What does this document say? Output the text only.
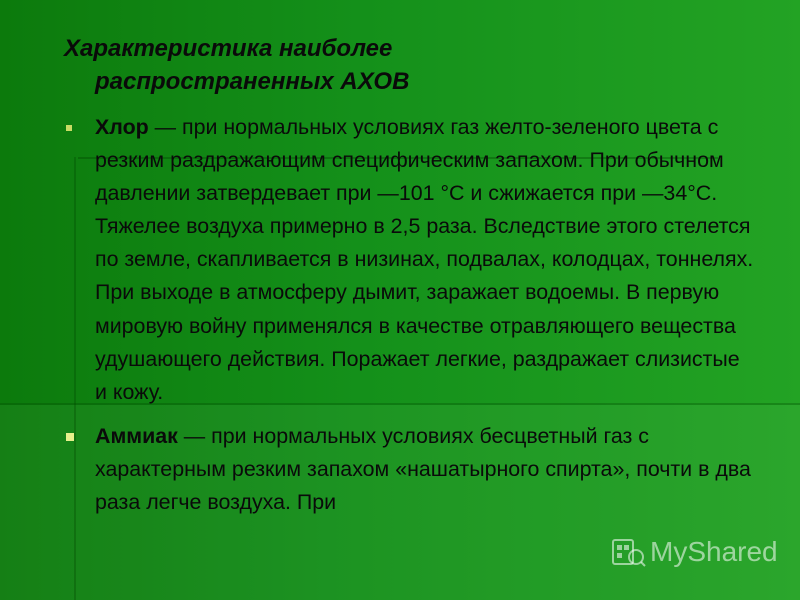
Характеристика наиболее
распространенных АХОВ
Хлор — при нормальных условиях газ желто-зеленого цвета с резким раздражающим специфическим запахом. При обычном давлении затвердевает при —101 °С и сжижается при —34°С. Тяжелее воздуха примерно в 2,5 раза. Вследствие этого стелется по земле, скапливается в низинах, подвалах, колодцах, тоннелях. При выходе в атмосферу дымит, заражает водоемы. В первую мировую войну применялся в качестве отравляющего вещества удушающего действия. Поражает легкие, раздражает слизистые и кожу.
Аммиак — при нормальных условиях бесцветный газ с характерным резким запахом «нашатырного спирта», почти в два раза легче воздуха. При
MyShared
